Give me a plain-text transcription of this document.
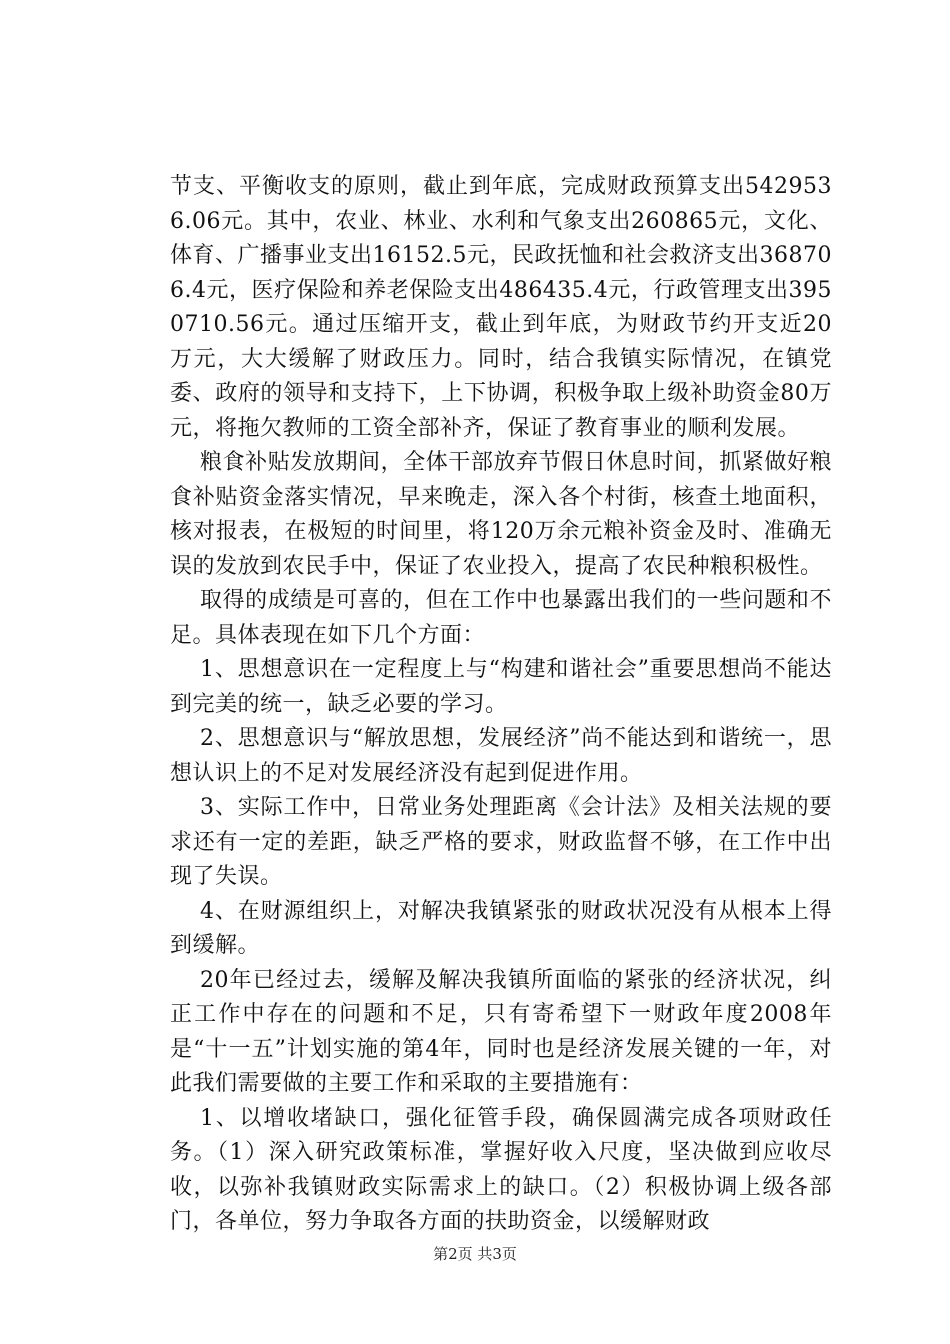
节支、平衡收支的原则，截止到年底，完成财政预算支出5429536.06元。其中，农业、林业、水利和气象支出260865元，文化、体育、广播事业支出16152.5元，民政抚恤和社会救济支出368706.4元，医疗保险和养老保险支出486435.4元，行政管理支出3950710.56元。通过压缩开支，截止到年底，为财政节约开支近20万元，大大缓解了财政压力。同时，结合我镇实际情况，在镇党委、政府的领导和支持下，上下协调，积极争取上级补助资金80万元，将拖欠教师的工资全部补齐，保证了教育事业的顺利发展。

粮食补贴发放期间，全体干部放弃节假日休息时间，抓紧做好粮食补贴资金落实情况，早来晚走，深入各个村街，核查土地面积，核对报表，在极短的时间里，将120万余元粮补资金及时、准确无误的发放到农民手中，保证了农业投入，提高了农民种粮积极性。

取得的成绩是可喜的，但在工作中也暴露出我们的一些问题和不足。具体表现在如下几个方面：

1、思想意识在一定程度上与“构建和谐社会”重要思想尚不能达到完美的统一，缺乏必要的学习。

2、思想意识与“解放思想，发展经济”尚不能达到和谐统一，思想认识上的不足对发展经济没有起到促进作用。

3、实际工作中，日常业务处理距离《会计法》及相关法规的要求还有一定的差距，缺乏严格的要求，财政监督不够，在工作中出现了失误。

4、在财源组织上，对解决我镇紧张的财政状况没有从根本上得到缓解。

20年已经过去，缓解及解决我镇所面临的紧张的经济状况，纠正工作中存在的问题和不足，只有寄希望下一财政年度2008年是“十一五”计划实施的第4年，同时也是经济发展关键的一年，对此我们需要做的主要工作和采取的主要措施有：

1、以增收堵缺口，强化征管手段，确保圆满完成各项财政任务。（1）深入研究政策标准，掌握好收入尺度，坚决做到应收尽收，以弥补我镇财政实际需求上的缺口。（2）积极协调上级各部门，各单位，努力争取各方面的扶助资金，以缓解财政

第2页 共3页
